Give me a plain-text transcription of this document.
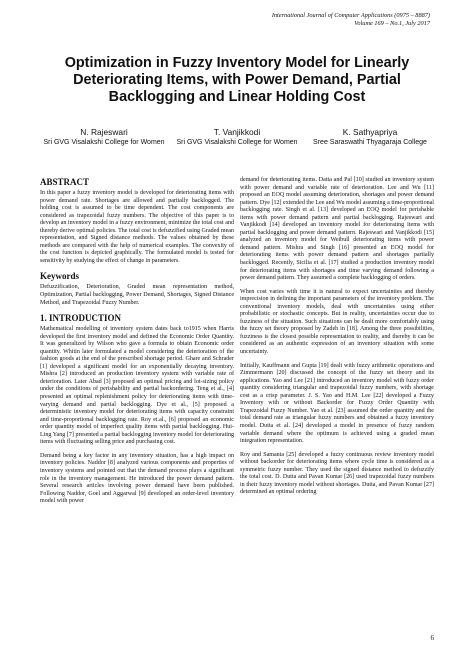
International Journal of Computer Applications (0975 – 8887)
Volume 169 – No.1, July 2017
Optimization in Fuzzy Inventory Model for Linearly Deteriorating Items, with Power Demand, Partial Backlogging and Linear Holding Cost
N. Rajeswari
Sri GVG Visalakshi College for Women
T. Vanjikkodi
Sri GVG Visalakshi College for Women
K. Sathyapriya
Sree Saraswathi Thyagaraja College
ABSTRACT

In this paper a fuzzy inventory model is developed for deteriorating items with power demand rate. Shortages are allowed and partially backlogged. The holding cost is assumed to be time dependent. The cost components are considered as trapezoidal fuzzy numbers. The objective of this paper is to develop an inventory model in a fuzzy environment, minimize the total cost and thereby derive optimal policies. The total cost is defuzzified using Graded mean representation, and Signed distance methods. The values obtained by these methods are compared with the help of numerical examples. The convexity of the cost function is depicted graphically. The formulated model is tested for sensitivity by studying the effect of change in parameters.

Keywords

Defuzzification, Deterioration, Graded mean representation method, Optimization, Partial backlogging, Power Demand, Shortages, Signed Distance Method, and Trapezoidal Fuzzy Number.

1. INTRODUCTION

Mathematical modelling of inventory system dates back to1915 when Harris developed the first inventory model and defined the Economic Order Quantity. It was generalized by Wilson who gave a formula to obtain Economic order quantity. Whitin later formulated a model considering the deterioration of the fashion goods at the end of the prescribed shortage period. Ghare and Schrader [1] developed a significant model for an exponentially decaying inventory. Mishra [2] introduced an production inventory system with variable rate of deterioration. Later Abad [3] proposed an optimal pricing and lot-sizing policy under the conditions of perishability and partial backordering. Teng et al., [4] presented an optimal replenishment policy for deteriorating items with time-varying demand and partial backlogging. Dye et al., [5] proposed a deterministic inventory model for deteriorating items with capacity constraint and time-proportional backlogging rate. Roy et.al., [6] proposed an economic order quantity model of imperfect quality items with partial backlogging. Hui-Ling Yang [7] presented a partial backlogging inventory model for deteriorating items with fluctuating selling price and purchasing cost.

Demand being a key factor in any inventory situation, has a high impact on inventory policies. Naddor [8] analyzed various components and properties of inventory systems and pointed out that the demand process plays a significant role in the inventory management. He introduced the power demand pattern. Several research articles involving power demand have been published. Following Naddor, Goel and Aggarwal [9] developed an order-level inventory model with power

demand for deteriorating items. Datta and Pal [10] studied an inventory system with power demand and variable rate of deterioration. Lee and Wu [11] proposed an EOQ model assuming deterioration, shortages and power demand pattern. Dye [12] extended the Lee and Wu model assuming a time-proportional backlogging rate. Singh et al. [13] developed an EOQ model for perishable items with power demand pattern and partial backlogging. Rajeswari and Vanjikkodi [14] developed an inventory model for deteriorating items with partial backlogging and power demand pattern. Rajeswari and Vanjikkodi [15] analyzed an inventory model for Weibull deteriorating items with power demand pattern. Mishra and Singh [16] presented an EOQ model for deteriorating items with power demand pattern and shortages partially backlogged. Recently, Sicilia et al. [17] studied a production inventory model for deteriorating items with shortages and time varying demand following a power demand pattern. They assumed a complete backlogging of orders.

When cost varies with time it is natural to expect uncertainties and thereby imprecision in defining the important parameters of the inventory problem. The conventional inventory models, deal with uncertainties using either probabilistic or stochastic concepts. But in reality, uncertainties occur due to fuzziness of the situation. Such situations can be dealt more comfortably using the fuzzy set theory proposed by Zadeh in [18]. Among the three possibilities, fuzziness is the closest possible representation to reality, and thereby it can be considered as an authentic expression of an inventory situation with some uncertainty.

Initially, Kauffmann and Gupta [19] dealt with fuzzy arithmetic operations and Zimmermann [20] discussed the concept of the fuzzy set theory and its applications. Yao and Lee [21] introduced an inventory model with fuzzy order quantity considering triangular and trapezoidal fuzzy numbers, with shortage cost as a crisp parameter. J. S. Yao and H.M. Lee [22] developed a Fuzzy Inventory with or without Backorder for Fuzzy Order Quantity with Trapezoidal Fuzzy Number. Yao et al. [23] assumed the order quantity and the total demand rate as triangular fuzzy numbers and obtained a fuzzy inventory model. Dutta et al. [24] developed a model in presence of fuzzy random variable demand where the optimum is achieved using a graded mean integration representation.

Roy and Samanta [25] developed a fuzzy continuous review inventory model without backorder for deteriorating items where cycle time is considered as a symmetric fuzzy number. They used the signed distance method to defuzzify the total cost. D. Dutta and Pavan Kumar [26] used trapezoidal fuzzy numbers in their fuzzy inventory model without shortages. Dutta, and Pavan Kumar [27] determined an optimal ordering

6
